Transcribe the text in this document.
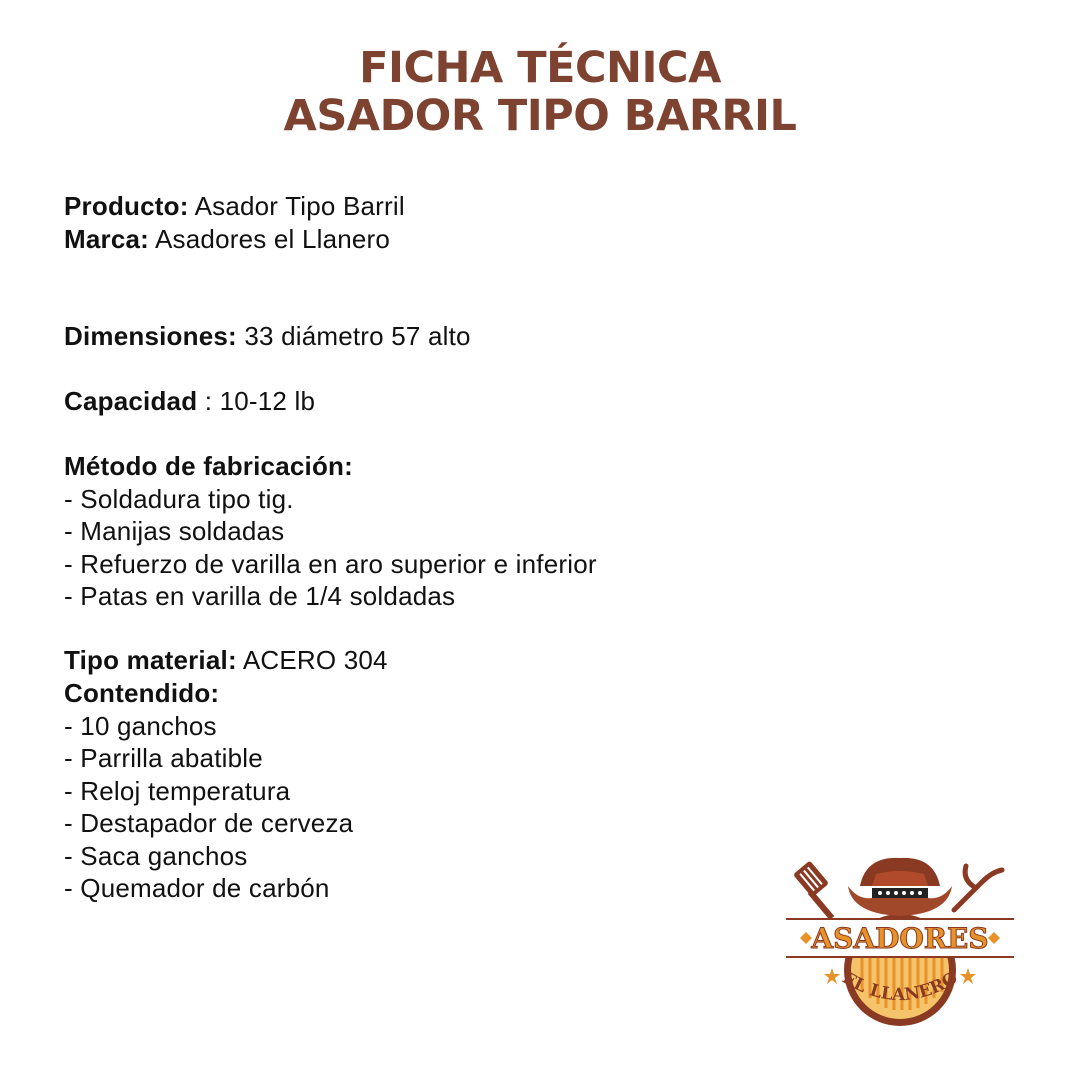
FICHA TÉCNICA
ASADOR TIPO BARRIL
Producto: Asador Tipo Barril
Marca: Asadores el Llanero
Dimensiones: 33 diámetro 57 alto
Capacidad : 10-12 lb
Método de fabricación:
- Soldadura tipo tig.
- Manijas soldadas
- Refuerzo de varilla en aro superior e inferior
- Patas en varilla de 1/4 soldadas
Tipo material: ACERO 304
Contendido:
- 10 ganchos
- Parrilla abatible
- Reloj temperatura
- Destapador de cerveza
- Saca ganchos
- Quemador de carbón
ASADORES
EL LLANERO
